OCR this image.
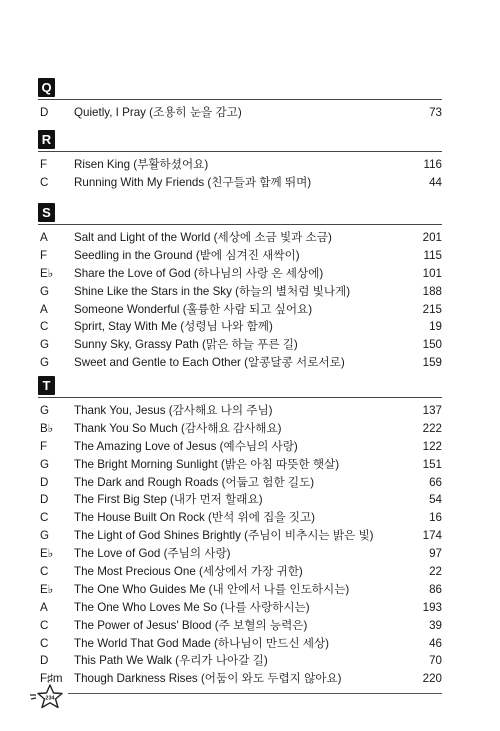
Q
D Quietly, I Pray (조용히 눈을 감고)	73
R
F Risen King (부활하셨어요)	116
C Running With My Friends (친구들과 함께 뛰며)	44
S
A Salt and Light of the World (세상에 소금 빛과 소금)	201
F Seedling in the Ground (밭에 심겨진 새싹이)	115
E♭ Share the Love of God (하나님의 사랑 온 세상에)	101
G Shine Like the Stars in the Sky (하늘의 별처럼 빛나게)	188
A Someone Wonderful (훌륭한 사람 되고 싶어요)	215
C Sprirt, Stay With Me (성령님 나와 함께)	19
G Sunny Sky, Grassy Path (맑은 하늘 푸른 길)	150
G Sweet and Gentle to Each Other (알콩달콩 서로서로)	159
T
G Thank You, Jesus (감사해요 나의 주님)	137
B♭ Thank You So Much (감사해요 감사해요)	222
F The Amazing Love of Jesus (예수님의 사랑)	122
G The Bright Morning Sunlight (밝은 아침 따뜻한 햇살)	151
D The Dark and Rough Roads (어둡고 험한 길도)	66
D The First Big Step (내가 먼저 할래요)	54
C The House Built On Rock (반석 위에 집을 짓고)	16
G The Light of God Shines Brightly (주님이 비추시는 밝은 빛)	174
E♭ The Love of God (주님의 사랑)	97
C The Most Precious One (세상에서 가장 귀한)	22
E♭ The One Who Guides Me (내 안에서 나를 인도하시는)	86
A The One Who Loves Me So (나를 사랑하시는)	193
C The Power of Jesus' Blood (주 보혈의 능력은)	39
C The World That God Made (하나님이 만드신 세상)	46
D This Path We Walk (우리가 나아갈 길)	70
F♯m Though Darkness Rises (어둠이 와도 두렵지 않아요)	220
234
